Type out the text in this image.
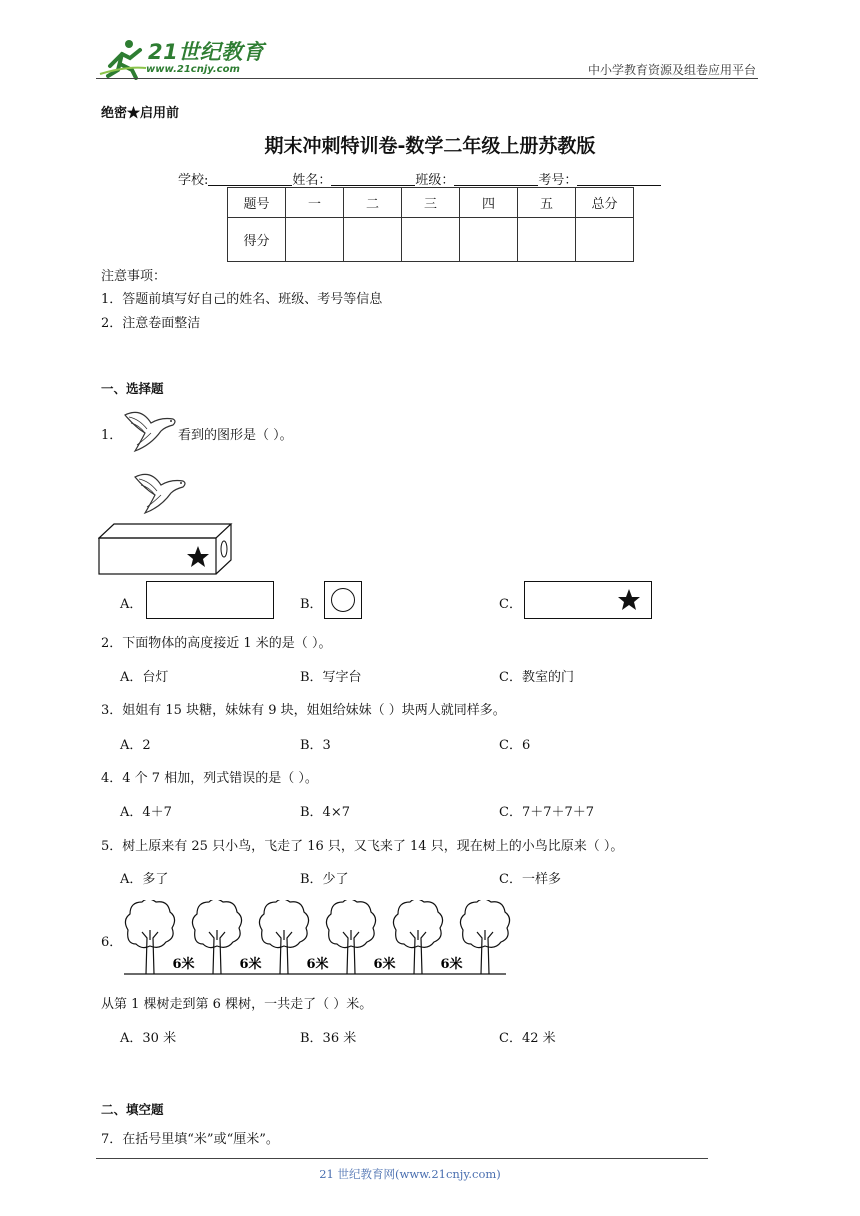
21世纪教育
www.21cnjy.com	中小学教育资源及组卷应用平台
绝密★启用前
期末冲刺特训卷-数学二年级上册苏教版
学校:	姓名：	班级：	考号：
题号	一	二	三	四	五	总分
得分						
注意事项：
1．答题前填写好自己的姓名、班级、考号等信息
2．注意卷面整洁
一、选择题
1．	看到的图形是（ ）。
A．	B．	C．
2．下面物体的高度接近 1 米的是（ ）。
A．台灯	B．写字台	C．教室的门
3．姐姐有 15 块糖，妹妹有 9 块，姐姐给妹妹（ ）块两人就同样多。
A．2	B．3	C．6
4．4 个 7 相加，列式错误的是（ ）。
A．4＋7	B．4×7	C．7＋7＋7＋7
5．树上原来有 25 只小鸟，飞走了 16 只，又飞来了 14 只，现在树上的小鸟比原来（ ）。
A．多了	B．少了	C．一样多
6．
6米	6米	6米	6米	6米
从第 1 棵树走到第 6 棵树，一共走了（ ）米。
A．30 米	B．36 米	C．42 米
二、填空题
7．在括号里填“米”或“厘米”。
21 世纪教育网(www.21cnjy.com)
